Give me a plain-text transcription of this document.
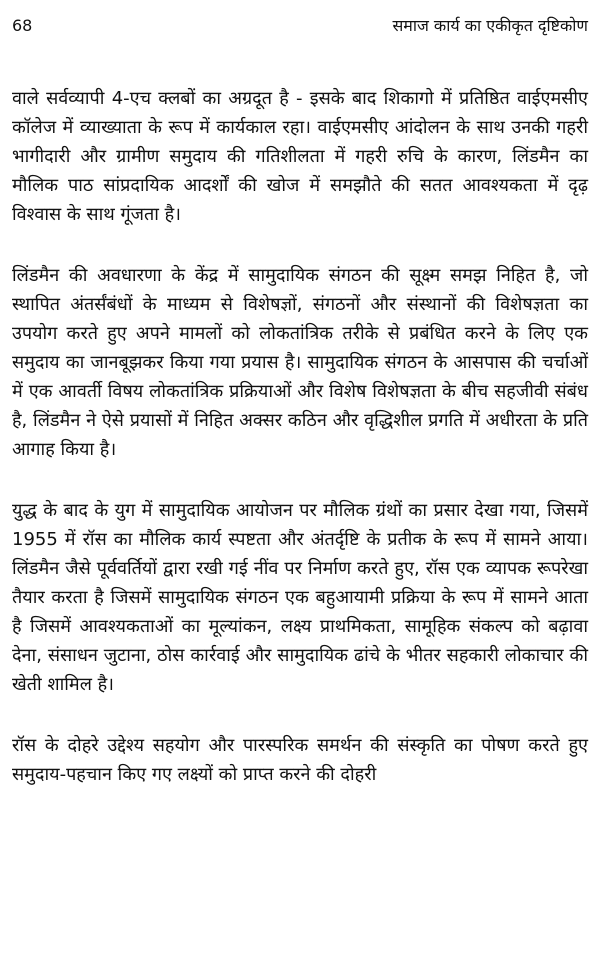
68	समाज कार्य का एकीकृत दृष्टिकोण

वाले सर्वव्यापी 4-एच क्लबों का अग्रदूत है - इसके बाद शिकागो में प्रतिष्ठित वाईएमसीए कॉलेज में व्याख्याता के रूप में कार्यकाल रहा। वाईएमसीए आंदोलन के साथ उनकी गहरी भागीदारी और ग्रामीण समुदाय की गतिशीलता में गहरी रुचि के कारण, लिंडमैन का मौलिक पाठ सांप्रदायिक आदर्शों की खोज में समझौते की सतत आवश्यकता में दृढ़ विश्वास के साथ गूंजता है।

लिंडमैन की अवधारणा के केंद्र में सामुदायिक संगठन की सूक्ष्म समझ निहित है, जो स्थापित अंतर्संबंधों के माध्यम से विशेषज्ञों, संगठनों और संस्थानों की विशेषज्ञता का उपयोग करते हुए अपने मामलों को लोकतांत्रिक तरीके से प्रबंधित करने के लिए एक समुदाय का जानबूझकर किया गया प्रयास है। सामुदायिक संगठन के आसपास की चर्चाओं में एक आवर्ती विषय लोकतांत्रिक प्रक्रियाओं और विशेष विशेषज्ञता के बीच सहजीवी संबंध है, लिंडमैन ने ऐसे प्रयासों में निहित अक्सर कठिन और वृद्धिशील प्रगति में अधीरता के प्रति आगाह किया है।

युद्ध के बाद के युग में सामुदायिक आयोजन पर मौलिक ग्रंथों का प्रसार देखा गया, जिसमें 1955 में रॉस का मौलिक कार्य स्पष्टता और अंतर्दृष्टि के प्रतीक के रूप में सामने आया। लिंडमैन जैसे पूर्ववर्तियों द्वारा रखी गई नींव पर निर्माण करते हुए, रॉस एक व्यापक रूपरेखा तैयार करता है जिसमें सामुदायिक संगठन एक बहुआयामी प्रक्रिया के रूप में सामने आता है जिसमें आवश्यकताओं का मूल्यांकन, लक्ष्य प्राथमिकता, सामूहिक संकल्प को बढ़ावा देना, संसाधन जुटाना, ठोस कार्रवाई और सामुदायिक ढांचे के भीतर सहकारी लोकाचार की खेती शामिल है।

रॉस के दोहरे उद्देश्य सहयोग और पारस्परिक समर्थन की संस्कृति का पोषण करते हुए समुदाय-पहचान किए गए लक्ष्यों को प्राप्त करने की दोहरी
